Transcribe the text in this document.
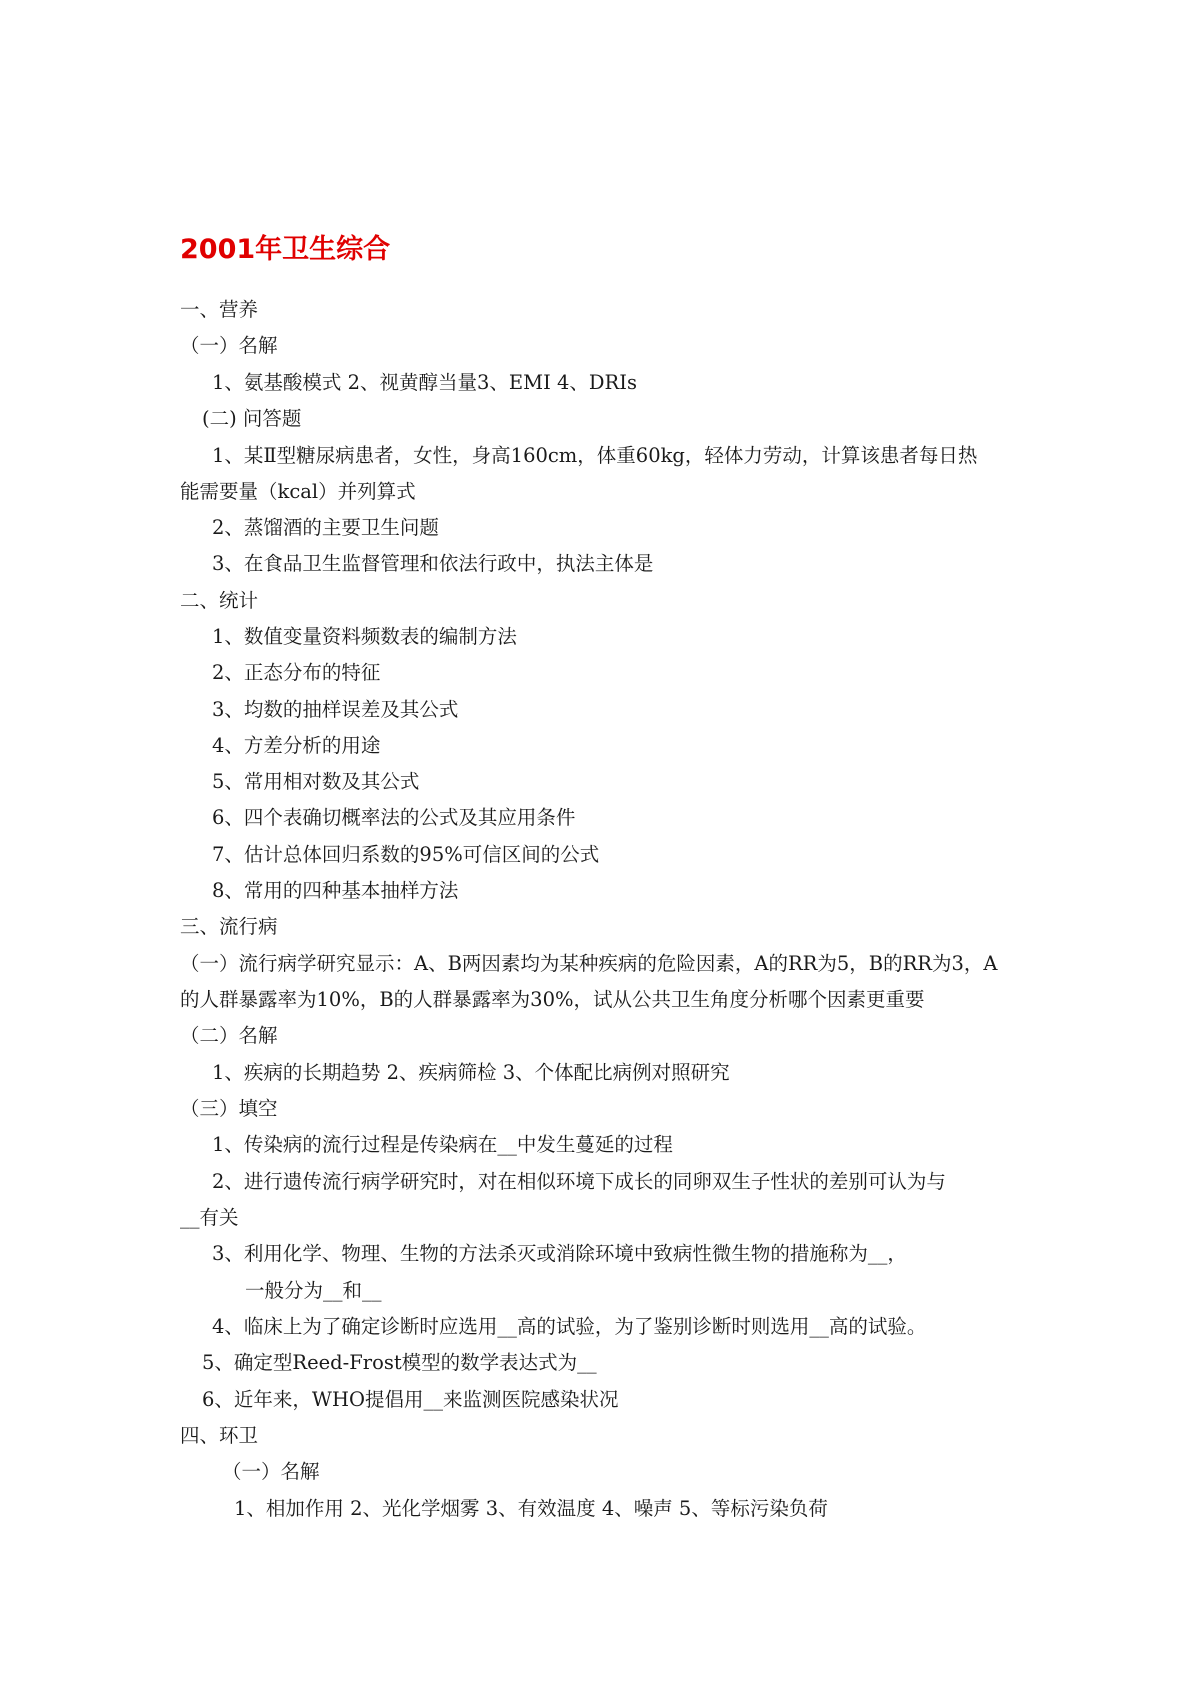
2001年卫生综合
一、营养
（一）名解
1、氨基酸模式 2、视黄醇当量3、EMI 4、DRIs
(二) 问答题
1、某Ⅱ型糖尿病患者，女性，身高160cm，体重60kg，轻体力劳动，计算该患者每日热
能需要量（kcal）并列算式
2、蒸馏酒的主要卫生问题
3、在食品卫生监督管理和依法行政中，执法主体是
二、统计
1、数值变量资料频数表的编制方法
2、正态分布的特征
3、均数的抽样误差及其公式
4、方差分析的用途
5、常用相对数及其公式
6、四个表确切概率法的公式及其应用条件
7、估计总体回归系数的95%可信区间的公式
8、常用的四种基本抽样方法
三、流行病
（一）流行病学研究显示：A、B两因素均为某种疾病的危险因素，A的RR为5，B的RR为3，A
的人群暴露率为10%，B的人群暴露率为30%，试从公共卫生角度分析哪个因素更重要
（二）名解
1、疾病的长期趋势 2、疾病筛检 3、个体配比病例对照研究
（三）填空
1、传染病的流行过程是传染病在__中发生蔓延的过程
2、进行遗传流行病学研究时，对在相似环境下成长的同卵双生子性状的差别可认为与
__有关
3、利用化学、物理、生物的方法杀灭或消除环境中致病性微生物的措施称为__，
一般分为__和__
4、临床上为了确定诊断时应选用__高的试验，为了鉴别诊断时则选用__高的试验。
5、确定型Reed-Frost模型的数学表达式为__
6、近年来，WHO提倡用__来监测医院感染状况
四、环卫
（一）名解
1、相加作用 2、光化学烟雾 3、有效温度 4、噪声 5、等标污染负荷
